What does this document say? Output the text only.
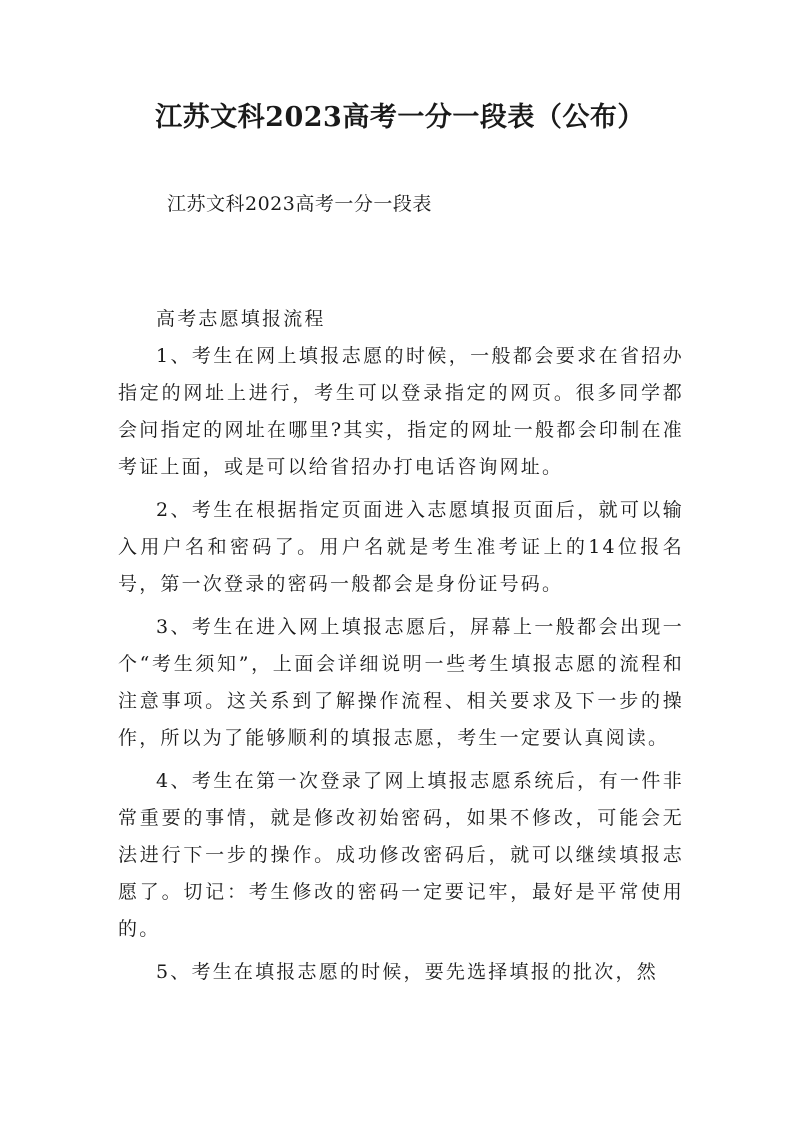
江苏文科2023高考一分一段表（公布）

江苏文科2023高考一分一段表

高考志愿填报流程

1、考生在网上填报志愿的时候，一般都会要求在省招办指定的网址上进行，考生可以登录指定的网页。很多同学都会问指定的网址在哪里?其实，指定的网址一般都会印制在准考证上面，或是可以给省招办打电话咨询网址。

2、考生在根据指定页面进入志愿填报页面后，就可以输入用户名和密码了。用户名就是考生准考证上的14位报名号，第一次登录的密码一般都会是身份证号码。

3、考生在进入网上填报志愿后，屏幕上一般都会出现一个“考生须知”，上面会详细说明一些考生填报志愿的流程和注意事项。这关系到了解操作流程、相关要求及下一步的操作，所以为了能够顺利的填报志愿，考生一定要认真阅读。

4、考生在第一次登录了网上填报志愿系统后，有一件非常重要的事情，就是修改初始密码，如果不修改，可能会无法进行下一步的操作。成功修改密码后，就可以继续填报志愿了。切记：考生修改的密码一定要记牢，最好是平常使用的。

5、考生在填报志愿的时候，要先选择填报的批次，然
